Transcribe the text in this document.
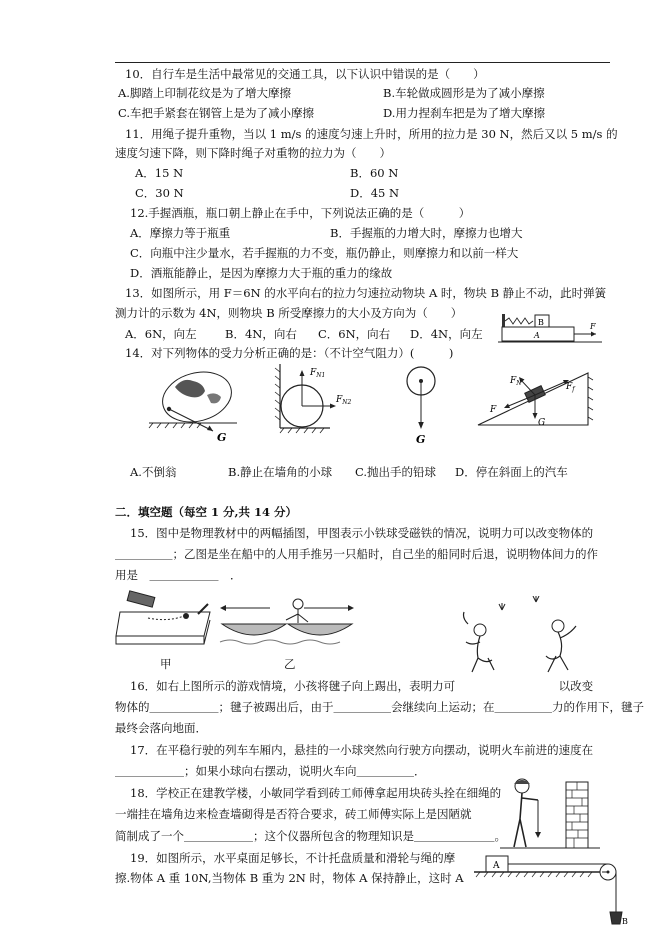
10．自行车是生活中最常见的交通工具，以下认识中错误的是（　　）
A.脚踏上印制花纹是为了增大摩擦	B.车轮做成圆形是为了减小摩擦
C.车把手紧套在钢管上是为了减小摩擦	D.用力捏刹车把是为了增大摩擦
11．用绳子提升重物，当以 1 m/s 的速度匀速上升时，所用的拉力是 30 N，然后又以 5 m/s 的
速度匀速下降，则下降时绳子对重物的拉力为（　　）
A．15 N	B．60 N
C．30 N	D．45 N
12.手握酒瓶，瓶口朝上静止在手中，下列说法正确的是（　　　）
A．摩擦力等于瓶重	B．手握瓶的力增大时，摩擦力也增大
C．向瓶中注少量水，若手握瓶的力不变，瓶仍静止，则摩擦力和以前一样大
D．酒瓶能静止，是因为摩擦力大于瓶的重力的缘故
13．如图所示，用 F＝6N 的水平向右的拉力匀速拉动物块 A 时，物块 B 静止不动，此时弹簧
测力计的示数为 4N，则物块 B 所受摩擦力的大小及方向为（　　）
A．6N，向左 B．4N，向右 C．6N，向右 D．4N，向左
B
A
F
14．对下列物体的受力分析正确的是：（不计空气阻力）(　　　)
G
$F_{N1}$
$F_{N2}$
G
$F_N$	$F_f$
F
G
A.不倒翁	B.静止在墙角的小球 C.抛出手的铅球 D．停在斜面上的汽车
二．填空题（每空 1 分,共 14 分）
15．图中是物理教材中的两幅插图，甲图表示小铁球受磁铁的情况，说明力可以改变物体的
＿＿＿＿＿；乙图是坐在船中的人用手推另一只船时，自己坐的船同时后退，说明物体间力的作
用是　＿＿＿＿＿＿　．
甲	乙
16．如右上图所示的游戏情境，小孩将毽子向上踢出，表明力可　　　　　　　　　以改变
物体的＿＿＿＿＿＿；毽子被踢出后，由于＿＿＿＿＿会继续向上运动；在＿＿＿＿＿力的作用下，毽子
最终会落向地面．
17．在平稳行驶的列车车厢内，悬挂的一小球突然向行驶方向摆动，说明火车前进的速度在
＿＿＿＿＿＿；如果小球向右摆动，说明火车向＿＿＿＿＿．
18．学校正在建教学楼，小敏同学看到砖工师傅拿起用块砖头拴在细绳的
一端挂在墙角边来检查墙砌得是否符合要求，砖工师傅实际上是因陋就
简制成了一个＿＿＿＿＿＿；这个仪器所包含的物理知识是＿＿＿＿＿＿＿。
19．如图所示，水平桌面足够长，不计托盘质量和滑轮与绳的摩
擦.物体 A 重 10N,当物体 B 重为 2N 时，物体 A 保持静止，这时 A
A
B
